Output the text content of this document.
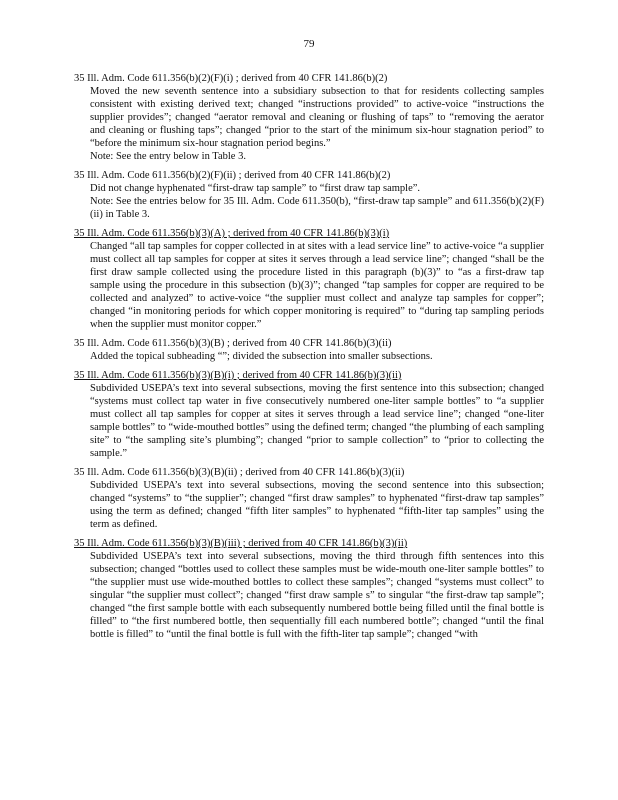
79
35 Ill. Adm. Code 611.356(b)(2)(F)(i) ; derived from 40 CFR 141.86(b)(2)

Moved the new seventh sentence into a subsidiary subsection to that for residents collecting samples consistent with existing derived text; changed “instructions provided” to active-voice “instructions the supplier provides”; changed “aerator removal and cleaning or flushing of taps” to “removing the aerator and cleaning or flushing taps”; changed “prior to the start of the minimum six-hour stagnation period” to “before the minimum six-hour stagnation period begins.”

Note: See the entry below in Table 3.

35 Ill. Adm. Code 611.356(b)(2)(F)(ii) ; derived from 40 CFR 141.86(b)(2)

Did not change hyphenated “first-draw tap sample” to “first draw tap sample”.

Note: See the entries below for 35 Ill. Adm. Code 611.350(b), “first-draw tap sample” and 611.356(b)(2)(F)(ii) in Table 3.

35 Ill. Adm. Code 611.356(b)(3)(A) ; derived from 40 CFR 141.86(b)(3)(i)

Changed “all tap samples for copper collected in at sites with a lead service line” to active-voice “a supplier must collect all tap samples for copper at sites it serves through a lead service line”; changed “shall be the first draw sample collected using the procedure listed in this paragraph (b)(3)” to “as a first-draw tap sample using the procedure in this subsection (b)(3)”; changed “tap samples for copper are required to be collected and analyzed” to active-voice “the supplier must collect and analyze tap samples for copper”; changed “in monitoring periods for which copper monitoring is required” to “during tap sampling periods when the supplier must monitor copper.”

35 Ill. Adm. Code 611.356(b)(3)(B) ; derived from 40 CFR 141.86(b)(3)(ii)

Added the topical subheading “”; divided the subsection into smaller subsections.

35 Ill. Adm. Code 611.356(b)(3)(B)(i) ; derived from 40 CFR 141.86(b)(3)(ii)

Subdivided USEPA’s text into several subsections, moving the first sentence into this subsection; changed “systems must collect tap water in five consecutively numbered one-liter sample bottles” to “a supplier must collect all tap samples for copper at sites it serves through a lead service line”; changed “one-liter sample bottles” to “wide-mouthed bottles” using the defined term; changed “the plumbing of each sampling site” to “the sampling site’s plumbing”; changed “prior to sample collection” to “prior to collecting the sample.”

35 Ill. Adm. Code 611.356(b)(3)(B)(ii) ; derived from 40 CFR 141.86(b)(3)(ii)

Subdivided USEPA’s text into several subsections, moving the second sentence into this subsection; changed “systems” to “the supplier”; changed “first draw samples” to hyphenated “first-draw tap samples” using the term as defined; changed “fifth liter samples” to hyphenated “fifth-liter tap samples” using the term as defined.

35 Ill. Adm. Code 611.356(b)(3)(B)(iii) ; derived from 40 CFR 141.86(b)(3)(ii)

Subdivided USEPA’s text into several subsections, moving the third through fifth sentences into this subsection; changed “bottles used to collect these samples must be wide-mouth one-liter sample bottles” to “the supplier must use wide-mouthed bottles to collect these samples”; changed “systems must collect” to singular “the supplier must collect”; changed “first draw sample s” to singular “the first-draw tap sample”; changed “the first sample bottle with each subsequently numbered bottle being filled until the final bottle is filled” to “the first numbered bottle, then sequentially fill each numbered bottle”; changed “until the final bottle is filled” to “until the final bottle is full with the fifth-liter tap sample”; changed “with
